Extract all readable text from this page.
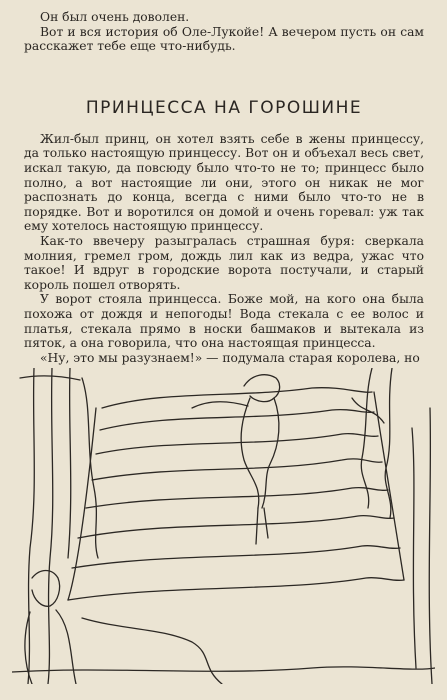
Он был очень доволен.

Вот и вся история об Оле-Лукойе! А вечером пусть он сам расскажет тебе еще что-нибудь.

ПРИНЦЕССА НА ГОРОШИНЕ

Жил-был принц, он хотел взять себе в жены принцессу, да только настоящую принцессу. Вот он и объехал весь свет, искал такую, да повсюду было что-то не то; принцесс было полно, а вот настоящие ли они, этого он никак не мог распознать до конца, всегда с ними было что-то не в порядке. Вот и воротился он домой и очень горевал: уж так ему хотелось настоящую принцессу.

Как-то ввечеру разыгралась страшная буря: сверкала молния, гремел гром, дождь лил как из ведра, ужас что такое! И вдруг в городские ворота постучали, и старый король пошел отворять.

У ворот стояла принцесса. Боже мой, на кого она была похожа от дождя и непогоды! Вода стекала с ее волос и платья, стекала прямо в носки башмаков и вытекала из пяток, а она говорила, что она настоящая принцесса.

«Ну, это мы разузнаем!» — подумала старая королева, но
